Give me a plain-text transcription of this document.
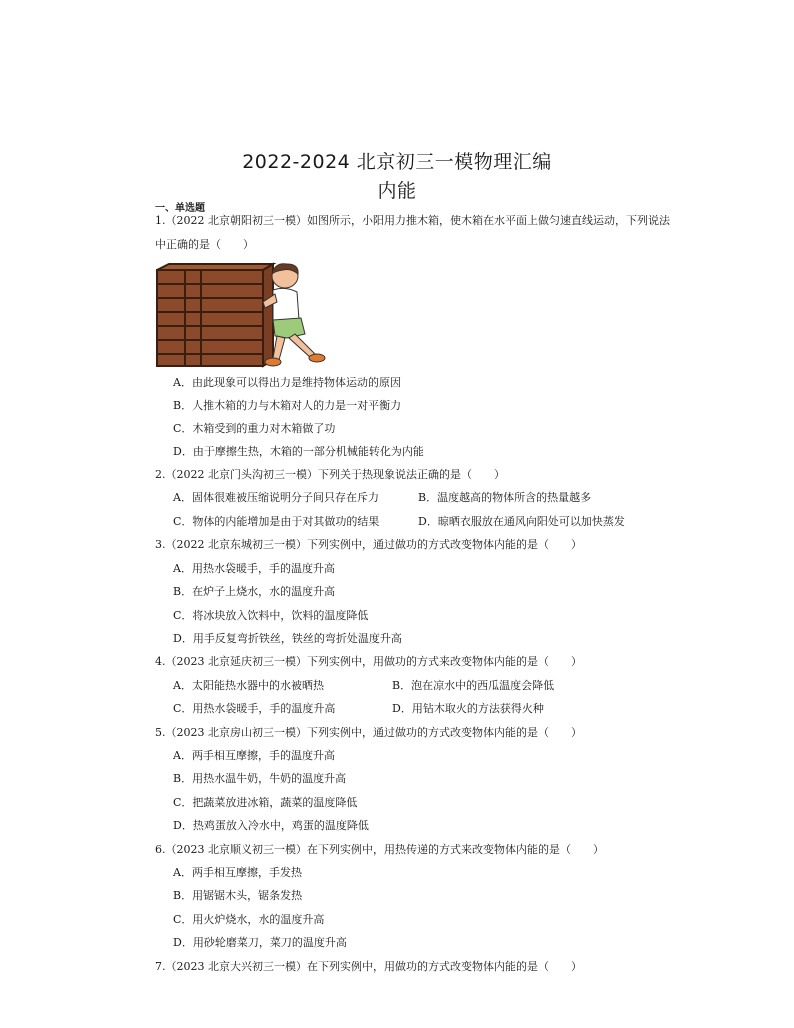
2022-2024 北京初三一模物理汇编
内能
一、单选题
1.（2022 北京朝阳初三一模）如图所示，小阳用力推木箱，使木箱在水平面上做匀速直线运动，下列说法
中正确的是（　　）
A．由此现象可以得出力是维持物体运动的原因
B．人推木箱的力与木箱对人的力是一对平衡力
C．木箱受到的重力对木箱做了功
D．由于摩擦生热，木箱的一部分机械能转化为内能
2.（2022 北京门头沟初三一模）下列关于热现象说法正确的是（　　）
A．固体很难被压缩说明分子间只存在斥力	B．温度越高的物体所含的热量越多
C．物体的内能增加是由于对其做功的结果	D．晾晒衣服放在通风向阳处可以加快蒸发
3.（2022 北京东城初三一模）下列实例中，通过做功的方式改变物体内能的是（　　）
A．用热水袋暖手，手的温度升高
B．在炉子上烧水，水的温度升高
C．将冰块放入饮料中，饮料的温度降低
D．用手反复弯折铁丝，铁丝的弯折处温度升高
4.（2023 北京延庆初三一模）下列实例中，用做功的方式来改变物体内能的是（　　）
A．太阳能热水器中的水被晒热	B．泡在凉水中的西瓜温度会降低
C．用热水袋暖手，手的温度升高	D．用钻木取火的方法获得火种
5.（2023 北京房山初三一模）下列实例中，通过做功的方式改变物体内能的是（　　）
A．两手相互摩擦，手的温度升高
B．用热水温牛奶，牛奶的温度升高
C．把蔬菜放进冰箱，蔬菜的温度降低
D．热鸡蛋放入冷水中，鸡蛋的温度降低
6.（2023 北京顺义初三一模）在下列实例中，用热传递的方式来改变物体内能的是（　　）
A．两手相互摩擦，手发热
B．用锯锯木头，锯条发热
C．用火炉烧水，水的温度升高
D．用砂轮磨菜刀，菜刀的温度升高
7.（2023 北京大兴初三一模）在下列实例中，用做功的方式改变物体内能的是（　　）
